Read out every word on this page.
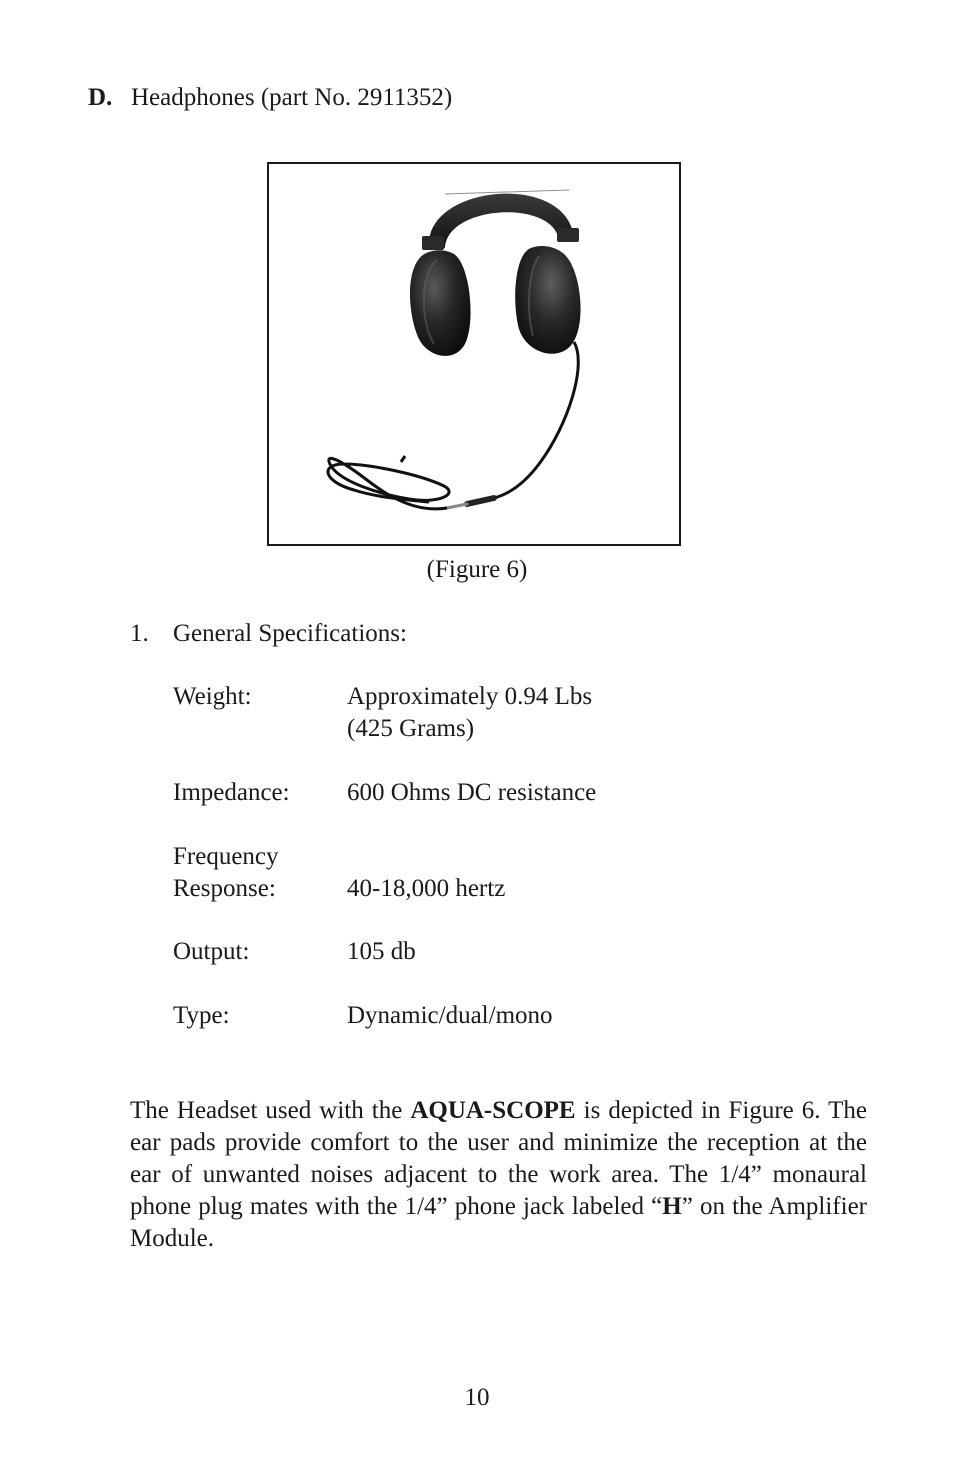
D. Headphones (part No. 2911352)
(Figure 6)
1. General Specifications:
Weight:	Approximately 0.94 Lbs
(425 Grams)
Impedance: 600 Ohms DC resistance
Frequency
Response:	40-18,000 hertz
Output:	105 db
Type:	Dynamic/dual/mono
The Headset used with the AQUA-SCOPE is depicted in Figure 6. The ear pads provide comfort to the user and minimize the reception at the ear of unwanted noises adjacent to the work area. The 1/4” monaural phone plug mates with the 1/4” phone jack labeled “H” on the Amplifier Module.
10
